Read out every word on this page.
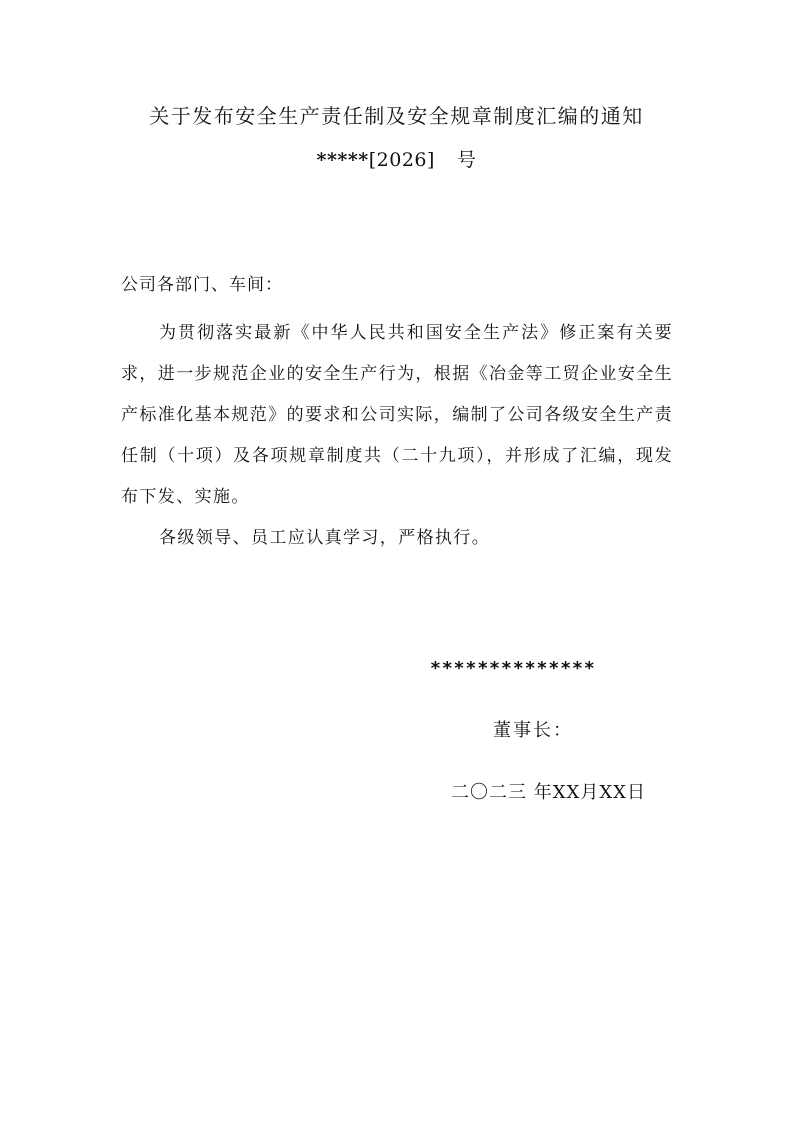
关于发布安全生产责任制及安全规章制度汇编的通知
*****[2026] 号
公司各部门、车间：

为贯彻落实最新《中华人民共和国安全生产法》修正案有关要求，进一步规范企业的安全生产行为，根据《冶金等工贸企业安全生产标准化基本规范》的要求和公司实际，编制了公司各级安全生产责任制（十项）及各项规章制度共（二十九项），并形成了汇编，现发布下发、实施。

各级领导、员工应认真学习，严格执行。

**************
董事长：
二〇二三 年XX月XX日
